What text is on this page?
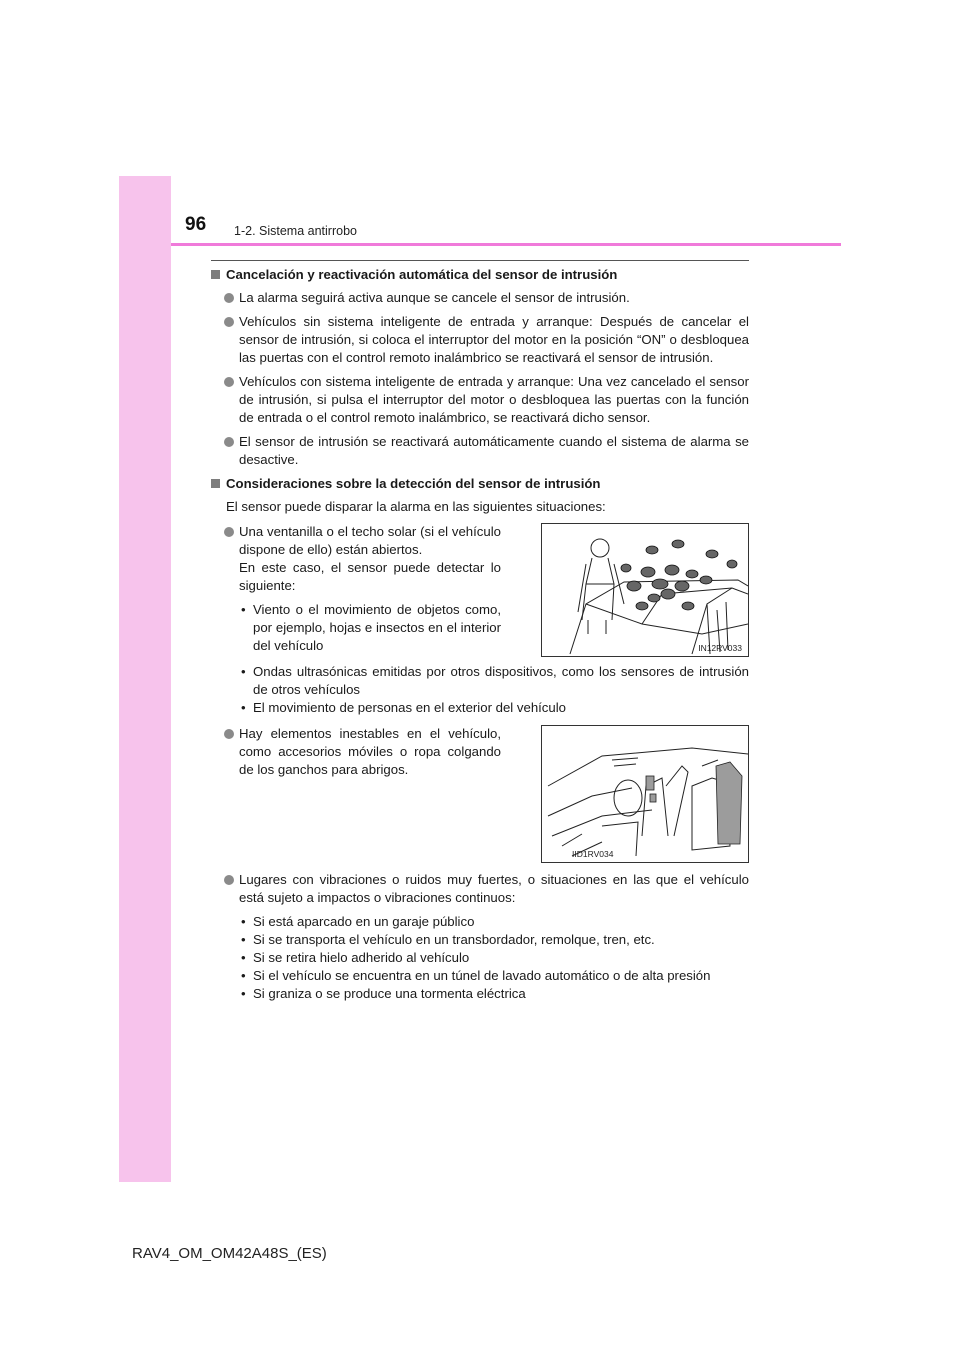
96 1-2. Sistema antirrobo
Cancelación y reactivación automática del sensor de intrusión
La alarma seguirá activa aunque se cancele el sensor de intrusión.
Vehículos sin sistema inteligente de entrada y arranque: Después de cancelar el sensor de intrusión, si coloca el interruptor del motor en la posición “ON” o desbloquea las puertas con el control remoto inalámbrico se reactivará el sensor de intrusión.
Vehículos con sistema inteligente de entrada y arranque: Una vez cancelado el sensor de intrusión, si pulsa el interruptor del motor o desbloquea las puertas con la función de entrada o el control remoto inalámbrico, se reactivará dicho sensor.
El sensor de intrusión se reactivará automáticamente cuando el sistema de alarma se desactive.
Consideraciones sobre la detección del sensor de intrusión
El sensor puede disparar la alarma en las siguientes situaciones:
Una ventanilla o el techo solar (si el vehículo dispone de ello) están abiertos.
En este caso, el sensor puede detectar lo siguiente:
• Viento o el movimiento de objetos como, por ejemplo, hojas e insectos en el interior del vehículo	IN12RV033
• Ondas ultrasónicas emitidas por otros dispositivos, como los sensores de intrusión de otros vehículos
• El movimiento de personas en el exterior del vehículo
Hay elementos inestables en el vehículo, como accesorios móviles o ropa colgando de los ganchos para abrigos.
IID1RV034
Lugares con vibraciones o ruidos muy fuertes, o situaciones en las que el vehículo está sujeto a impactos o vibraciones continuos:
• Si está aparcado en un garaje público
• Si se transporta el vehículo en un transbordador, remolque, tren, etc.
• Si se retira hielo adherido al vehículo
• Si el vehículo se encuentra en un túnel de lavado automático o de alta presión
• Si graniza o se produce una tormenta eléctrica
RAV4_OM_OM42A48S_(ES)
